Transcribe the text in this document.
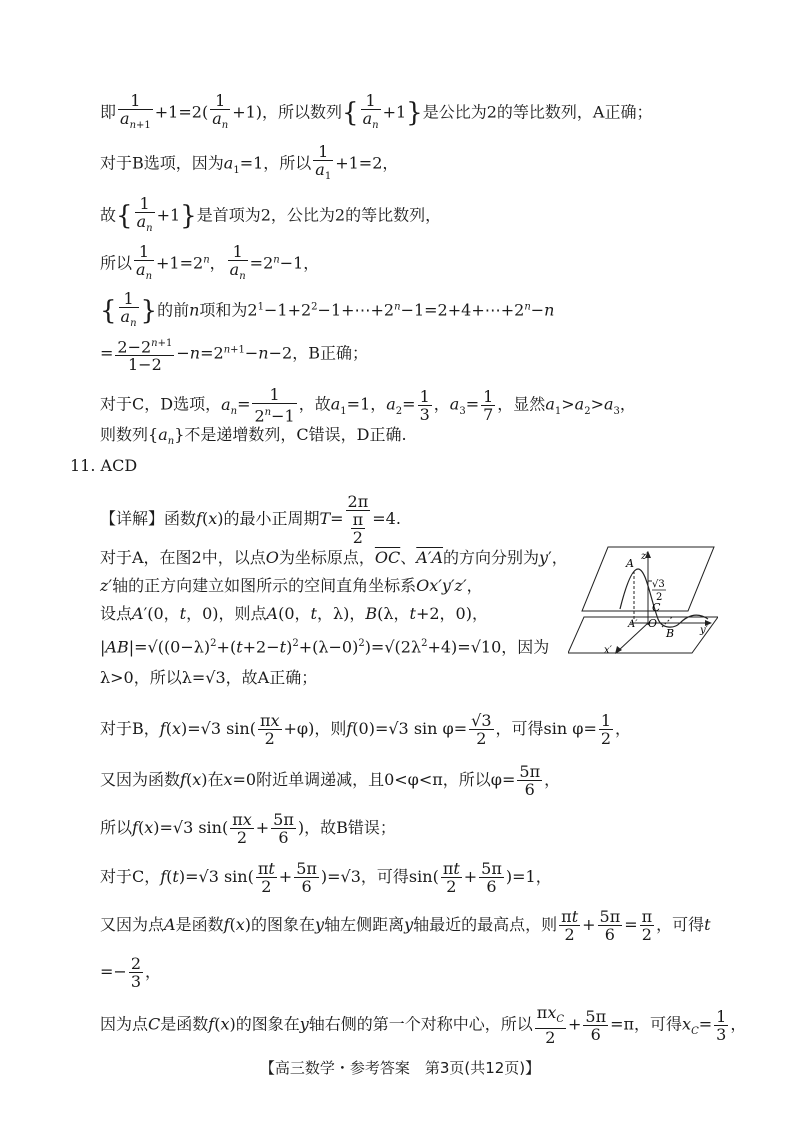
即 $\frac{1}{a_{n+1}} +1=2( \frac{1}{a_n} +1)$，所以数列{ $\frac{1}{a_n} +1$}是公比为2的等比数列，A正确；
对于B选项，因为$a_1=1$，所以 $\frac{1}{a_1} +1=2$，
故{ $\frac{1}{a_n} +1$}是首项为2，公比为2的等比数列，
所以 $\frac{1}{a_n} +1=2^n$， $\frac{1}{a_n} =2^n-1$，
{ $\frac{1}{a_n}$ }的前n项和为$2^1-1+2^2-1+\cdots+2^n-1=2+4+\cdots+2^n-n$
= $\frac{2-2^{n+1}}{1-2} -n=2^{n+1}-n-2$，B正确；
对于C，D选项，$a_n= \frac{1}{2^n-1}$ ，故$a_1=1$，$a_2= \frac{1}{3}$ ，$a_3= \frac{1}{7}$ ，显然$a_1>a_2>a_3$，
则数列$\{a_n\}$不是递增数列，C错误，D正确.
11. ACD
【详解】函数f(x)的最小正周期$T= \frac{2\pi}{\frac{\pi}{2}} =4$.
对于A，在图2中，以点O为坐标原点，$\overline{OC}$、A′A的方向分别为y′，
z′轴的正方向建立如图所示的空间直角坐标系Ox′y′z′，
设点A′(0，t，0)，则点A(0，t，λ)，B(λ，t+2，0)，
$|AB|=√((0-\lambda)^2+(t+2-t)^2+(\lambda-0)^2)=√(2\lambda^2+4)=√10$，因为
λ>0，所以λ=√3，故A正确；
对于B，f(x)=√3 $\sin( \frac{\pi x}{2} +\varphi)$，则f(0)=√3 $\sin \varphi= \frac{√3}{2}$ ，可得$\sin \varphi= \frac{1}{2}$ ，
又因为函数f(x)在x=0附近单调递减，且0<φ<π，所以$\varphi= \frac{5\pi}{6}$ ，
所以f(x)=√3 $\sin( \frac{\pi x}{2} + \frac{5\pi}{6}$ )，故B错误；
对于C，f(t)=√3 $\sin( \frac{\pi t}{2} + \frac{5\pi}{6} )=√3$，可得$\sin( \frac{\pi t}{2} + \frac{5\pi}{6} )=1$，
又因为点A是函数f(x)的图象在y轴左侧距离y轴最近的最高点，则 $\frac{\pi t}{2} + \frac{5\pi}{6} = \frac{\pi}{2}$ ，可得t
=− $\frac{2}{3}$ ，
因为点C是函数f(x)的图象在y轴右侧的第一个对称中心，所以 $\frac{\pi x_C}{2} + \frac{5\pi}{6} =\pi$，可得$x_C= \frac{1}{3}$ ，
z′
A
√3
2
C
A′ O
B	y′
x′
【高三数学・参考答案　第3页(共12页)】
